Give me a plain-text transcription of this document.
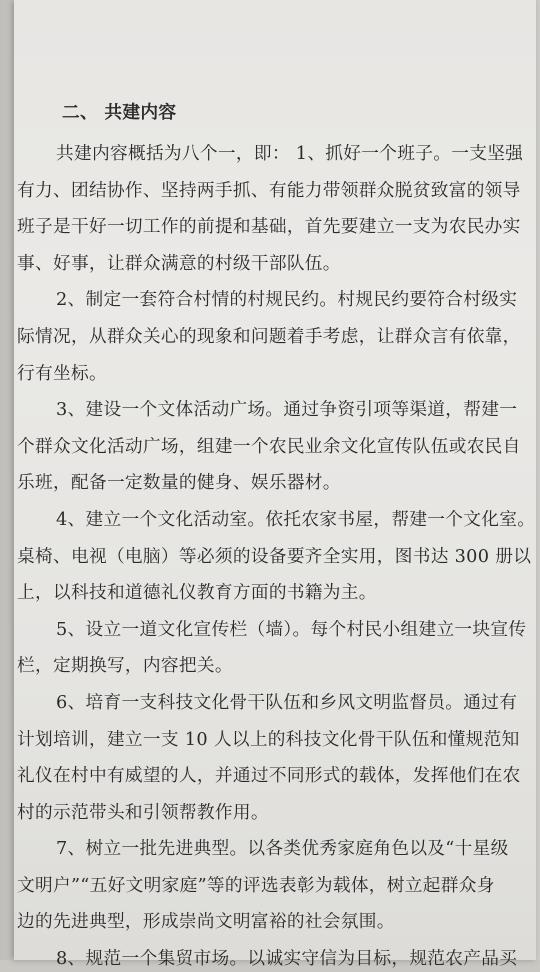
二、 共建内容
共建内容概括为八个一，即： 1、抓好一个班子。一支坚强
有力、团结协作、坚持两手抓、有能力带领群众脱贫致富的领导
班子是干好一切工作的前提和基础，首先要建立一支为农民办实
事、好事，让群众满意的村级干部队伍。
2、制定一套符合村情的村规民约。村规民约要符合村级实
际情况，从群众关心的现象和问题着手考虑，让群众言有依靠，
行有坐标。
3、建设一个文体活动广场。通过争资引项等渠道，帮建一
个群众文化活动广场，组建一个农民业余文化宣传队伍或农民自
乐班，配备一定数量的健身、娱乐器材。
4、建立一个文化活动室。依托农家书屋，帮建一个文化室。
桌椅、电视（电脑）等必须的设备要齐全实用，图书达 300 册以
上，以科技和道德礼仪教育方面的书籍为主。
5、设立一道文化宣传栏（墙）。每个村民小组建立一块宣传
栏，定期换写，内容把关。
6、培育一支科技文化骨干队伍和乡风文明监督员。通过有
计划培训，建立一支 10 人以上的科技文化骨干队伍和懂规范知
礼仪在村中有威望的人，并通过不同形式的载体，发挥他们在农
村的示范带头和引领帮教作用。
7、树立一批先进典型。以各类优秀家庭角色以及“十星级
文明户”“五好文明家庭”等的评选表彰为载体，树立起群众身
边的先进典型，形成崇尚文明富裕的社会氛围。
8、规范一个集贸市场。以诚实守信为目标，规范农产品买
